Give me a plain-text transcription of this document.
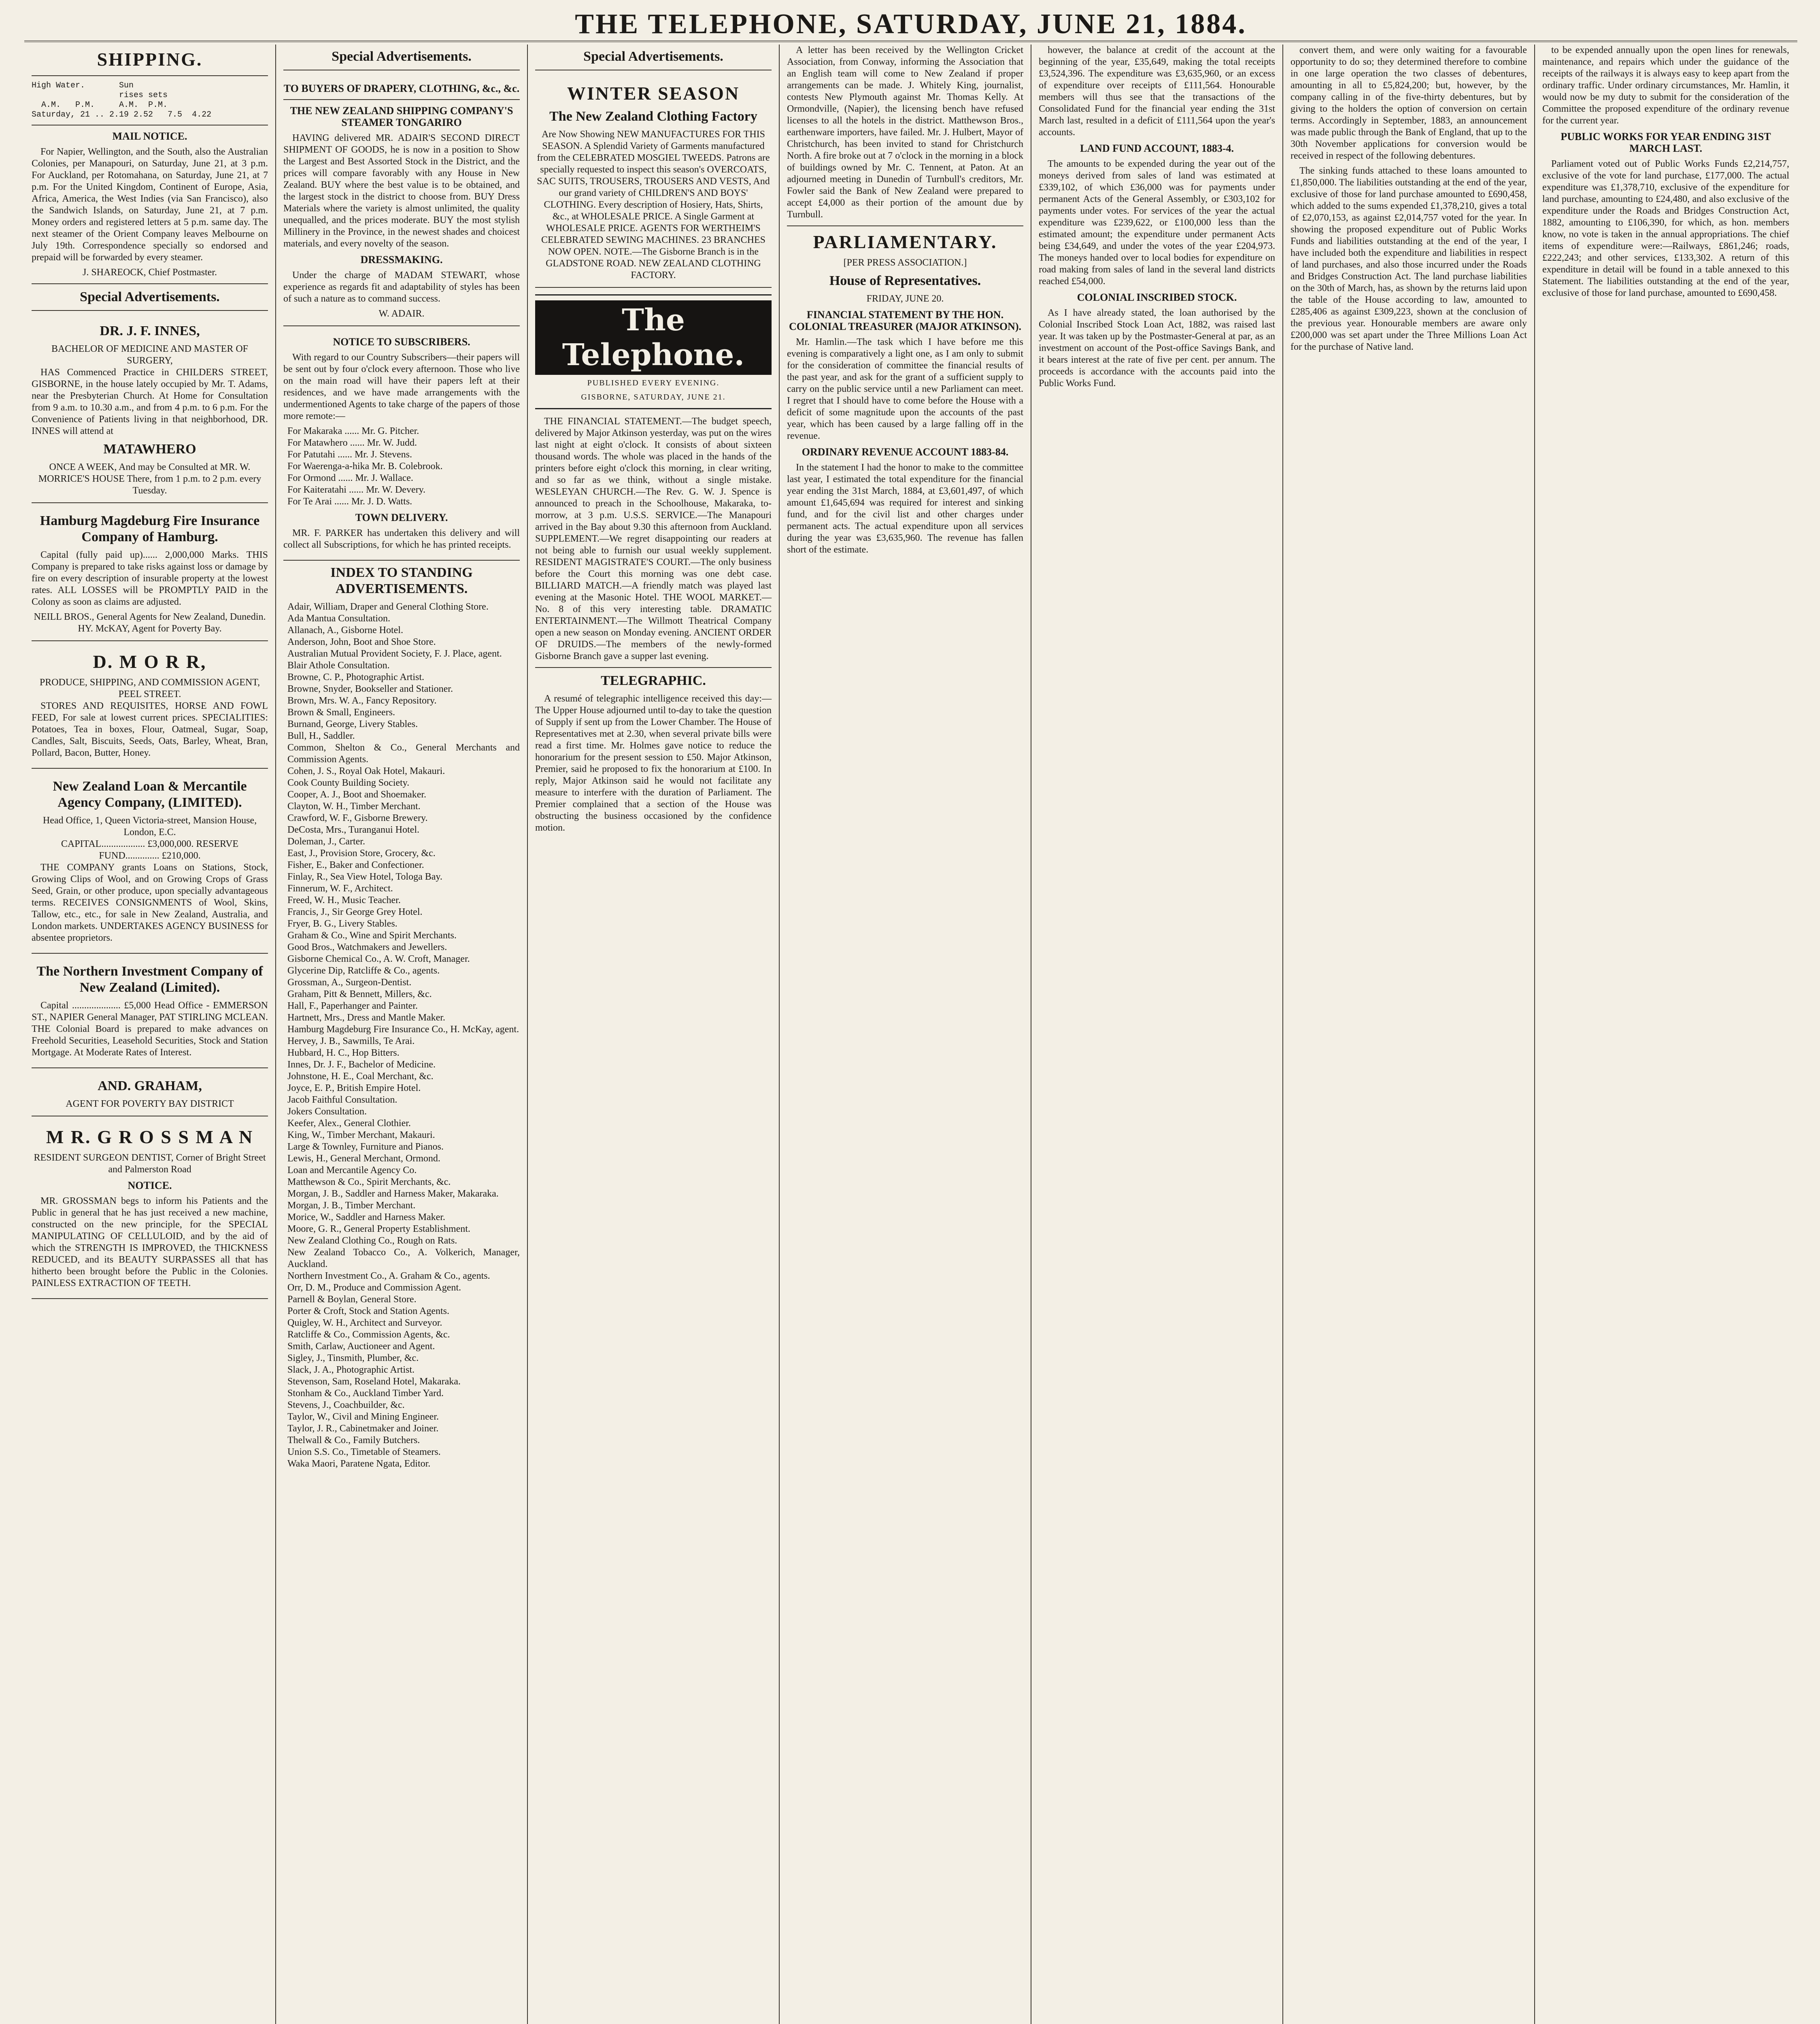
THE TELEPHONE, SATURDAY, JUNE 21, 1884.
SHIPPING.
High Water.       Sun
rises sets
A.M.   P.M.     A.M.  P.M.
Saturday, 21 .. 2.19 2.52   7.5  4.22
MAIL NOTICE.

For Napier, Wellington, and the South, also the Australian Colonies, per Manapouri, on Saturday, June 21, at 3 p.m. For Auckland, per Rotomahana, on Saturday, June 21, at 7 p.m. For the United Kingdom, Continent of Europe, Asia, Africa, America, the West Indies (via San Francisco), also the Sandwich Islands, on Saturday, June 21, at 7 p.m. Money orders and registered letters at 5 p.m. same day. The next steamer of the Orient Company leaves Melbourne on July 19th. Correspondence specially so endorsed and prepaid will be forwarded by every steamer.

J. SHAREOCK, Chief Postmaster.
Special Advertisements.
DR. J. F. INNES,
BACHELOR OF MEDICINE AND MASTER OF SURGERY,

HAS Commenced Practice in CHILDERS STREET, GISBORNE, in the house lately occupied by Mr. T. Adams, near the Presbyterian Church. At Home for Consultation from 9 a.m. to 10.30 a.m., and from 4 p.m. to 6 p.m. For the Convenience of Patients living in that neighborhood, DR. INNES will attend at

MATAWHERO
ONCE A WEEK, And may be Consulted at MR. W. MORRICE'S HOUSE There, from 1 p.m. to 2 p.m. every Tuesday.
Hamburg Magdeburg Fire Insurance Company of Hamburg.

Capital (fully paid up)...... 2,000,000 Marks. THIS Company is prepared to take risks against loss or damage by fire on every description of insurable property at the lowest rates. ALL LOSSES will be PROMPTLY PAID in the Colony as soon as claims are adjusted.

NEILL BROS., General Agents for New Zealand, Dunedin. HY. McKAY, Agent for Poverty Bay.
D. M O R R,
PRODUCE, SHIPPING, AND COMMISSION AGENT, PEEL STREET.

STORES AND REQUISITES, HORSE AND FOWL FEED, For sale at lowest current prices. SPECIALITIES: Potatoes, Tea in boxes, Flour, Oatmeal, Sugar, Soap, Candles, Salt, Biscuits, Seeds, Oats, Barley, Wheat, Bran, Pollard, Bacon, Butter, Honey.

New Zealand Loan & Mercantile Agency Company, (LIMITED).
Head Office, 1, Queen Victoria-street, Mansion House, London, E.C.
CAPITAL.................. £3,000,000. RESERVE FUND.............. £210,000.

THE COMPANY grants Loans on Stations, Stock, Growing Clips of Wool, and on Growing Crops of Grass Seed, Grain, or other produce, upon specially advantageous terms. RECEIVES CONSIGNMENTS of Wool, Skins, Tallow, etc., etc., for sale in New Zealand, Australia, and London markets. UNDERTAKES AGENCY BUSINESS for absentee proprietors.

The Northern Investment Company of New Zealand (Limited).

Capital .................... £5,000 Head Office - EMMERSON ST., NAPIER General Manager, PAT STIRLING MCLEAN. THE Colonial Board is prepared to make advances on Freehold Securities, Leasehold Securities, Stock and Station Mortgage. At Moderate Rates of Interest.

AND. GRAHAM,
AGENT FOR POVERTY BAY DISTRICT
M R. G R O S S M A N
RESIDENT SURGEON DENTIST, Corner of Bright Street and Palmerston Road
NOTICE.

MR. GROSSMAN begs to inform his Patients and the Public in general that he has just received a new machine, constructed on the new principle, for the SPECIAL MANIPULATING OF CELLULOID, and by the aid of which the STRENGTH IS IMPROVED, the THICKNESS REDUCED, and its BEAUTY SURPASSES all that has hitherto been brought before the Public in the Colonies. PAINLESS EXTRACTION OF TEETH.

Special Advertisements.
TO BUYERS OF DRAPERY, CLOTHING, &c., &c.
THE NEW ZEALAND SHIPPING COMPANY'S STEAMER TONGARIRO

HAVING delivered MR. ADAIR'S SECOND DIRECT SHIPMENT OF GOODS, he is now in a position to Show the Largest and Best Assorted Stock in the District, and the prices will compare favorably with any House in New Zealand. BUY where the best value is to be obtained, and the largest stock in the district to choose from. BUY Dress Materials where the variety is almost unlimited, the quality unequalled, and the prices moderate. BUY the most stylish Millinery in the Province, in the newest shades and choicest materials, and every novelty of the season.

DRESSMAKING.

Under the charge of MADAM STEWART, whose experience as regards fit and adaptability of styles has been of such a nature as to command success.

W. ADAIR.
NOTICE TO SUBSCRIBERS.

With regard to our Country Subscribers—their papers will be sent out by four o'clock every afternoon. Those who live on the main road will have their papers left at their residences, and we have made arrangements with the undermentioned Agents to take charge of the papers of those more remote:—

For Makaraka ...... Mr. G. Pitcher.
For Matawhero ...... Mr. W. Judd.
For Patutahi ...... Mr. J. Stevens.
For Waerenga-a-hika Mr. B. Colebrook.
For Ormond ...... Mr. J. Wallace.
For Kaiteratahi ...... Mr. W. Devery.
For Te Arai ...... Mr. J. D. Watts.
TOWN DELIVERY.

MR. F. PARKER has undertaken this delivery and will collect all Subscriptions, for which he has printed receipts.

INDEX TO STANDING ADVERTISEMENTS.
Adair, William, Draper and General Clothing Store.
Ada Mantua Consultation.
Allanach, A., Gisborne Hotel.
Anderson, John, Boot and Shoe Store.
Australian Mutual Provident Society, F. J. Place, agent.
Blair Athole Consultation.
Browne, C. P., Photographic Artist.
Browne, Snyder, Bookseller and Stationer.
Brown, Mrs. W. A., Fancy Repository.
Brown & Small, Engineers.
Burnand, George, Livery Stables.
Bull, H., Saddler.
Common, Shelton & Co., General Merchants and Commission Agents.
Cohen, J. S., Royal Oak Hotel, Makauri.
Cook County Building Society.
Cooper, A. J., Boot and Shoemaker.
Clayton, W. H., Timber Merchant.
Crawford, W. F., Gisborne Brewery.
DeCosta, Mrs., Turanganui Hotel.
Doleman, J., Carter.
East, J., Provision Store, Grocery, &c.
Fisher, E., Baker and Confectioner.
Finlay, R., Sea View Hotel, Tologa Bay.
Finnerum, W. F., Architect.
Freed, W. H., Music Teacher.
Francis, J., Sir George Grey Hotel.
Fryer, B. G., Livery Stables.
Graham & Co., Wine and Spirit Merchants.
Good Bros., Watchmakers and Jewellers.
Gisborne Chemical Co., A. W. Croft, Manager.
Glycerine Dip, Ratcliffe & Co., agents.
Grossman, A., Surgeon-Dentist.
Graham, Pitt & Bennett, Millers, &c.
Hall, F., Paperhanger and Painter.
Hartnett, Mrs., Dress and Mantle Maker.
Hamburg Magdeburg Fire Insurance Co., H. McKay, agent.
Hervey, J. B., Sawmills, Te Arai.
Hubbard, H. C., Hop Bitters.
Innes, Dr. J. F., Bachelor of Medicine.
Johnstone, H. E., Coal Merchant, &c.
Joyce, E. P., British Empire Hotel.
Jacob Faithful Consultation.
Jokers Consultation.
Keefer, Alex., General Clothier.
King, W., Timber Merchant, Makauri.
Large & Townley, Furniture and Pianos.
Lewis, H., General Merchant, Ormond.
Loan and Mercantile Agency Co.
Matthewson & Co., Spirit Merchants, &c.
Morgan, J. B., Saddler and Harness Maker, Makaraka.
Morgan, J. B., Timber Merchant.
Morice, W., Saddler and Harness Maker.
Moore, G. R., General Property Establishment.
New Zealand Clothing Co., Rough on Rats.
New Zealand Tobacco Co., A. Volkerich, Manager, Auckland.
Northern Investment Co., A. Graham & Co., agents.
Orr, D. M., Produce and Commission Agent.
Parnell & Boylan, General Store.
Porter & Croft, Stock and Station Agents.
Quigley, W. H., Architect and Surveyor.
Ratcliffe & Co., Commission Agents, &c.
Smith, Carlaw, Auctioneer and Agent.
Sigley, J., Tinsmith, Plumber, &c.
Slack, J. A., Photographic Artist.
Stevenson, Sam, Roseland Hotel, Makaraka.
Stonham & Co., Auckland Timber Yard.
Stevens, J., Coachbuilder, &c.
Taylor, W., Civil and Mining Engineer.
Taylor, J. R., Cabinetmaker and Joiner.
Thelwall & Co., Family Butchers.
Union S.S. Co., Timetable of Steamers.
Waka Maori, Paratene Ngata, Editor.
Special Advertisements.
WINTER SEASON
The New Zealand Clothing Factory
Are Now Showing NEW MANUFACTURES FOR THIS SEASON. A Splendid Variety of Garments manufactured from the CELEBRATED MOSGIEL TWEEDS. Patrons are specially requested to inspect this season's OVERCOATS, SAC SUITS, TROUSERS, TROUSERS AND VESTS, And our grand variety of CHILDREN'S AND BOYS' CLOTHING. Every description of Hosiery, Hats, Shirts, &c., at WHOLESALE PRICE. A Single Garment at WHOLESALE PRICE. AGENTS FOR WERTHEIM'S CELEBRATED SEWING MACHINES. 23 BRANCHES NOW OPEN. NOTE.—The Gisborne Branch is in the GLADSTONE ROAD. NEW ZEALAND CLOTHING FACTORY.
The Telephone.
PUBLISHED EVERY EVENING.
GISBORNE, SATURDAY, JUNE 21.

THE FINANCIAL STATEMENT.—The budget speech, delivered by Major Atkinson yesterday, was put on the wires last night at eight o'clock. It consists of about sixteen thousand words. The whole was placed in the hands of the printers before eight o'clock this morning, in clear writing, and so far as we think, without a single mistake. WESLEYAN CHURCH.—The Rev. G. W. J. Spence is announced to preach in the Schoolhouse, Makaraka, to-morrow, at 3 p.m. U.S.S. SERVICE.—The Manapouri arrived in the Bay about 9.30 this afternoon from Auckland. SUPPLEMENT.—We regret disappointing our readers at not being able to furnish our usual weekly supplement. RESIDENT MAGISTRATE'S COURT.—The only business before the Court this morning was one debt case. BILLIARD MATCH.—A friendly match was played last evening at the Masonic Hotel. THE WOOL MARKET.—No. 8 of this very interesting table. DRAMATIC ENTERTAINMENT.—The Willmott Theatrical Company open a new season on Monday evening. ANCIENT ORDER OF DRUIDS.—The members of the newly-formed Gisborne Branch gave a supper last evening.

TELEGRAPHIC.

A resumé of telegraphic intelligence received this day:— The Upper House adjourned until to-day to take the question of Supply if sent up from the Lower Chamber. The House of Representatives met at 2.30, when several private bills were read a first time. Mr. Holmes gave notice to reduce the honorarium for the present session to £50. Major Atkinson, Premier, said he proposed to fix the honorarium at £100. In reply, Major Atkinson said he would not facilitate any measure to interfere with the duration of Parliament. The Premier complained that a section of the House was obstructing the business occasioned by the confidence motion.

A letter has been received by the Wellington Cricket Association, from Conway, informing the Association that an English team will come to New Zealand if proper arrangements can be made. J. Whitely King, journalist, contests New Plymouth against Mr. Thomas Kelly. At Ormondville, (Napier), the licensing bench have refused licenses to all the hotels in the district. Matthewson Bros., earthenware importers, have failed. Mr. J. Hulbert, Mayor of Christchurch, has been invited to stand for Christchurch North. A fire broke out at 7 o'clock in the morning in a block of buildings owned by Mr. C. Tennent, at Paton. At an adjourned meeting in Dunedin of Turnbull's creditors, Mr. Fowler said the Bank of New Zealand were prepared to accept £4,000 as their portion of the amount due by Turnbull.

PARLIAMENTARY.
[PER PRESS ASSOCIATION.]
House of Representatives.
FRIDAY, JUNE 20.
FINANCIAL STATEMENT BY THE HON. COLONIAL TREASURER (MAJOR ATKINSON).

Mr. Hamlin.—The task which I have before me this evening is comparatively a light one, as I am only to submit for the consideration of committee the financial results of the past year, and ask for the grant of a sufficient supply to carry on the public service until a new Parliament can meet. I regret that I should have to come before the House with a deficit of some magnitude upon the accounts of the past year, which has been caused by a large falling off in the revenue.

ORDINARY REVENUE ACCOUNT 1883-84.

In the statement I had the honor to make to the committee last year, I estimated the total expenditure for the financial year ending the 31st March, 1884, at £3,601,497, of which amount £1,645,694 was required for interest and sinking fund, and for the civil list and other charges under permanent acts. The actual expenditure upon all services during the year was £3,635,960. The revenue has fallen short of the estimate.

however, the balance at credit of the account at the beginning of the year, £35,649, making the total receipts £3,524,396. The expenditure was £3,635,960, or an excess of expenditure over receipts of £111,564. Honourable members will thus see that the transactions of the Consolidated Fund for the financial year ending the 31st March last, resulted in a deficit of £111,564 upon the year's accounts.

LAND FUND ACCOUNT, 1883-4.

The amounts to be expended during the year out of the moneys derived from sales of land was estimated at £339,102, of which £36,000 was for payments under permanent Acts of the General Assembly, or £303,102 for payments under votes. For services of the year the actual expenditure was £239,622, or £100,000 less than the estimated amount; the expenditure under permanent Acts being £34,649, and under the votes of the year £204,973. The moneys handed over to local bodies for expenditure on road making from sales of land in the several land districts reached £54,000.

COLONIAL INSCRIBED STOCK.

As I have already stated, the loan authorised by the Colonial Inscribed Stock Loan Act, 1882, was raised last year. It was taken up by the Postmaster-General at par, as an investment on account of the Post-office Savings Bank, and it bears interest at the rate of five per cent. per annum. The proceeds is accordance with the accounts paid into the Public Works Fund.

convert them, and were only waiting for a favourable opportunity to do so; they determined therefore to combine in one large operation the two classes of debentures, amounting in all to £5,824,200; but, however, by the company calling in of the five-thirty debentures, but by giving to the holders the option of conversion on certain terms. Accordingly in September, 1883, an announcement was made public through the Bank of England, that up to the 30th November applications for conversion would be received in respect of the following debentures.

The sinking funds attached to these loans amounted to £1,850,000. The liabilities outstanding at the end of the year, exclusive of those for land purchase amounted to £690,458, which added to the sums expended £1,378,210, gives a total of £2,070,153, as against £2,014,757 voted for the year. In showing the proposed expenditure out of Public Works Funds and liabilities outstanding at the end of the year, I have included both the expenditure and liabilities in respect of land purchases, and also those incurred under the Roads and Bridges Construction Act. The land purchase liabilities on the 30th of March, has, as shown by the returns laid upon the table of the House according to law, amounted to £285,406 as against £309,223, shown at the conclusion of the previous year. Honourable members are aware only £200,000 was set apart under the Three Millions Loan Act for the purchase of Native land.

to be expended annually upon the open lines for renewals, maintenance, and repairs which under the guidance of the receipts of the railways it is always easy to keep apart from the ordinary traffic. Under ordinary circumstances, Mr. Hamlin, it would now be my duty to submit for the consideration of the Committee the proposed expenditure of the ordinary revenue for the current year.

PUBLIC WORKS FOR YEAR ENDING 31ST MARCH LAST.

Parliament voted out of Public Works Funds £2,214,757, exclusive of the vote for land purchase, £177,000. The actual expenditure was £1,378,710, exclusive of the expenditure for land purchase, amounting to £24,480, and also exclusive of the expenditure under the Roads and Bridges Construction Act, 1882, amounting to £106,390, for which, as hon. members know, no vote is taken in the annual appropriations. The chief items of expenditure were:—Railways, £861,246; roads, £222,243; and other services, £133,302. A return of this expenditure in detail will be found in a table annexed to this Statement. The liabilities outstanding at the end of the year, exclusive of those for land purchase, amounted to £690,458.
